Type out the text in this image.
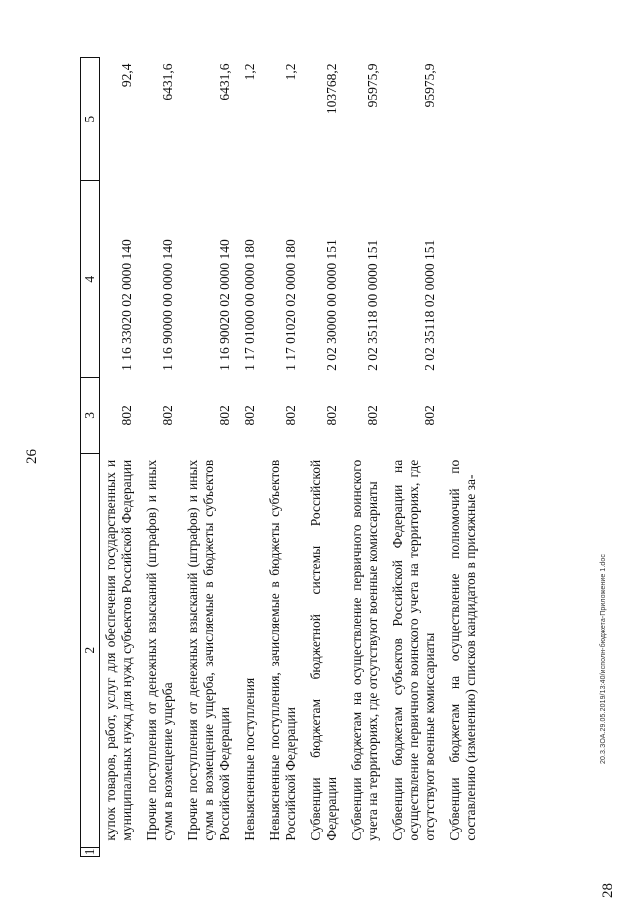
26
1	2	3	4	5
	купок товаров, работ, услуг для обеспечения государственных и муниципальных нужд для нужд субъектов Российской Федерации	802	1 16 33020 02 0000 140	92,4
	Прочие поступления от денежных взысканий (штрафов) и иных сумм в возмещение ущерба	802	1 16 90000 00 0000 140	6431,6
	Прочие поступления от денежных взысканий (штрафов) и иных сумм в возмещение ущерба, зачисляемые в бюджеты субъектов Российской Федерации	802	1 16 90020 02 0000 140	6431,6
	Невыясненные поступления	802	1 17 01000 00 0000 180	1,2
	Невыясненные поступления, зачисляемые в бюджеты субъектов Российской Федерации	802	1 17 01020 02 0000 180	1,2
	Субвенции бюджетам бюджетной системы Российской Федерации	802	2 02 30000 00 0000 151	103768,2
	Субвенции бюджетам на осуществление первичного воинского учета на территориях, где отсутствуют военные комиссариаты	802	2 02 35118 00 0000 151	95975,9
	Субвенции бюджетам субъектов Российской Федерации на осуществление первичного воинского учета на территориях, где отсутствуют военные комиссариаты	802	2 02 35118 02 0000 151	95975,9
	Субвенции бюджетам на осуществление полномочий по составлению (изменению) списков кандидатов в присяжные за-			
28
20.3.ЗОА.29.05.2019/13:40/исполн-бюджета-Приложение 1.doc
